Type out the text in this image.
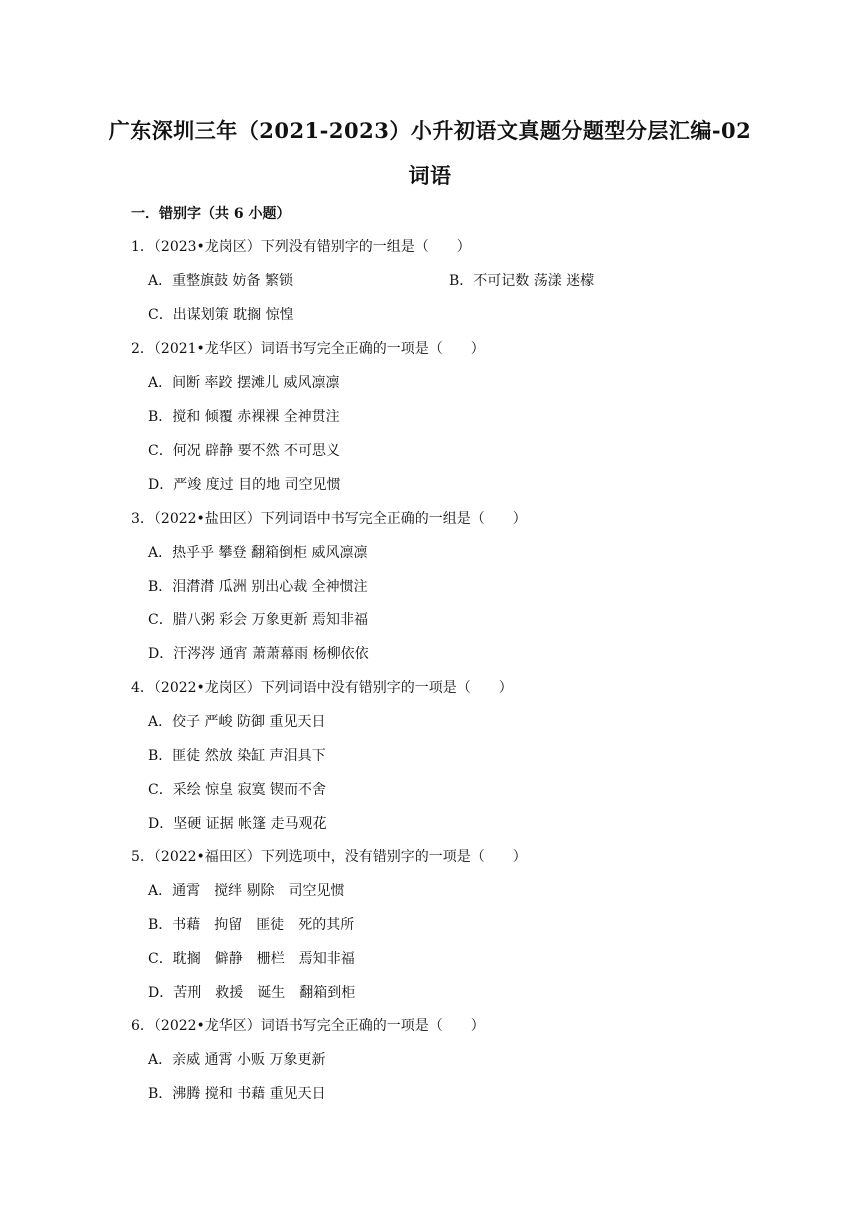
广东深圳三年（2021-2023）小升初语文真题分题型分层汇编-02
词语
一．错别字（共 6 小题）
1．（2023•龙岗区）下列没有错别字的一组是（　　）
A．重整旗鼓 妨备 繁锁	B．不可记数 荡漾 迷檬
C．出谋划策 耽搁 惊惶
2．（2021•龙华区）词语书写完全正确的一项是（　　）
A．间断 率跤 摆滩儿 威风凛凛
B．搅和 倾覆 赤裸裸 全神贯注
C．何况 辟静 要不然 不可思义
D．严竣 度过 目的地 司空见惯
3．（2022•盐田区）下列词语中书写完全正确的一组是（　　）
A．热乎乎 攀登 翻箱倒柜 威风凛凛
B．泪潸潸 瓜洲 别出心裁 全神惯注
C．腊八粥 彩会 万象更新 焉知非福
D．汗涔涔 通宵 萧萧幕雨 杨柳依依
4．（2022•龙岗区）下列词语中没有错别字的一项是（　　）
A．佼子 严峻 防御 重见天日
B．匪徒 然放 染缸 声泪具下
C．采绘 惊皇 寂寞 锲而不舍
D．坚硬 证据 帐篷 走马观花
5．（2022•福田区）下列选项中，没有错别字的一项是（　　）
A．通霄　搅绊 剔除　司空见惯
B．书藉　拘留　匪徒　死的其所
C．耽搁　僻静　栅栏　焉知非福
D．苦刑　救援　诞生　翻箱到柜
6．（2022•龙华区）词语书写完全正确的一项是（　　）
A．亲威 通霄 小贩 万象更新
B．沸腾 搅和 书藉 重见天日
